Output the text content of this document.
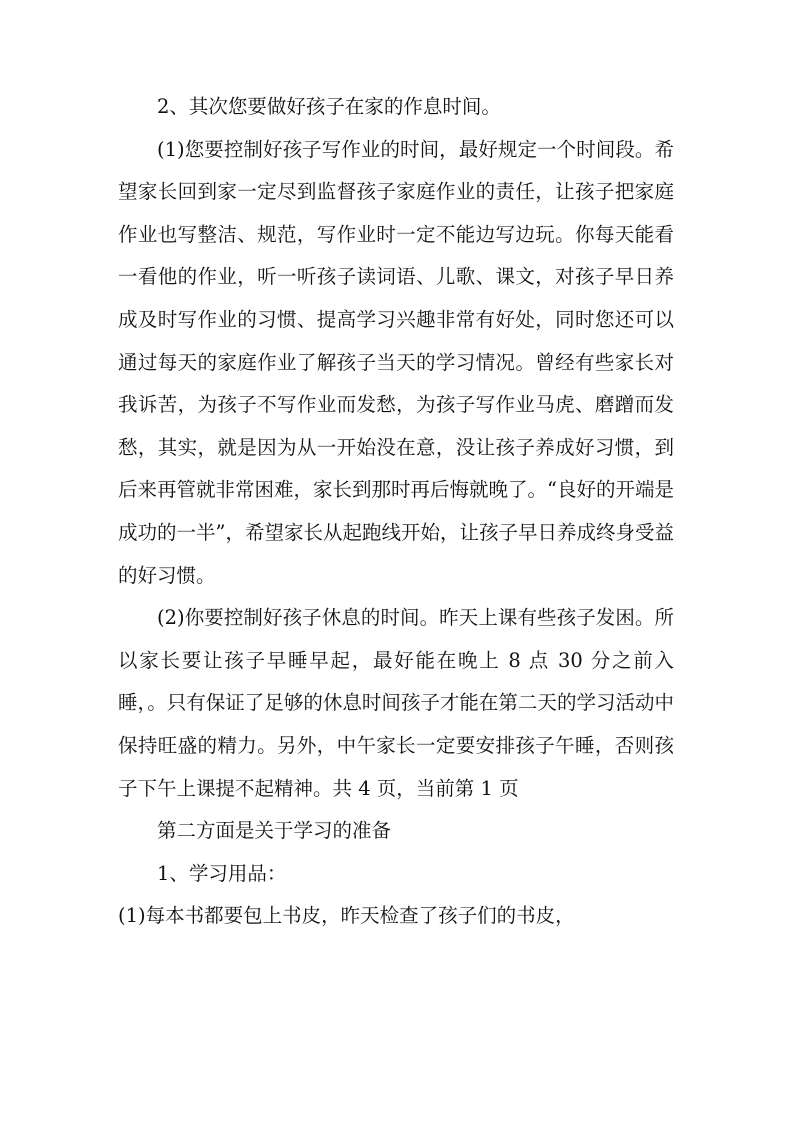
2、其次您要做好孩子在家的作息时间。

(1)您要控制好孩子写作业的时间，最好规定一个时间段。希望家长回到家一定尽到监督孩子家庭作业的责任，让孩子把家庭作业也写整洁、规范，写作业时一定不能边写边玩。你每天能看一看他的作业，听一听孩子读词语、儿歌、课文，对孩子早日养成及时写作业的习惯、提高学习兴趣非常有好处，同时您还可以通过每天的家庭作业了解孩子当天的学习情况。曾经有些家长对我诉苦，为孩子不写作业而发愁，为孩子写作业马虎、磨蹭而发愁，其实，就是因为从一开始没在意，没让孩子养成好习惯，到后来再管就非常困难，家长到那时再后悔就晚了。“良好的开端是成功的一半”，希望家长从起跑线开始，让孩子早日养成终身受益的好习惯。

(2)你要控制好孩子休息的时间。昨天上课有些孩子发困。所以家长要让孩子早睡早起，最好能在晚上 8 点 30 分之前入睡，。只有保证了足够的休息时间孩子才能在第二天的学习活动中保持旺盛的精力。另外，中午家长一定要安排孩子午睡，否则孩子下午上课提不起精神。共 4 页，当前第 1 页

第二方面是关于学习的准备

1、学习用品：

(1)每本书都要包上书皮，昨天检查了孩子们的书皮，
